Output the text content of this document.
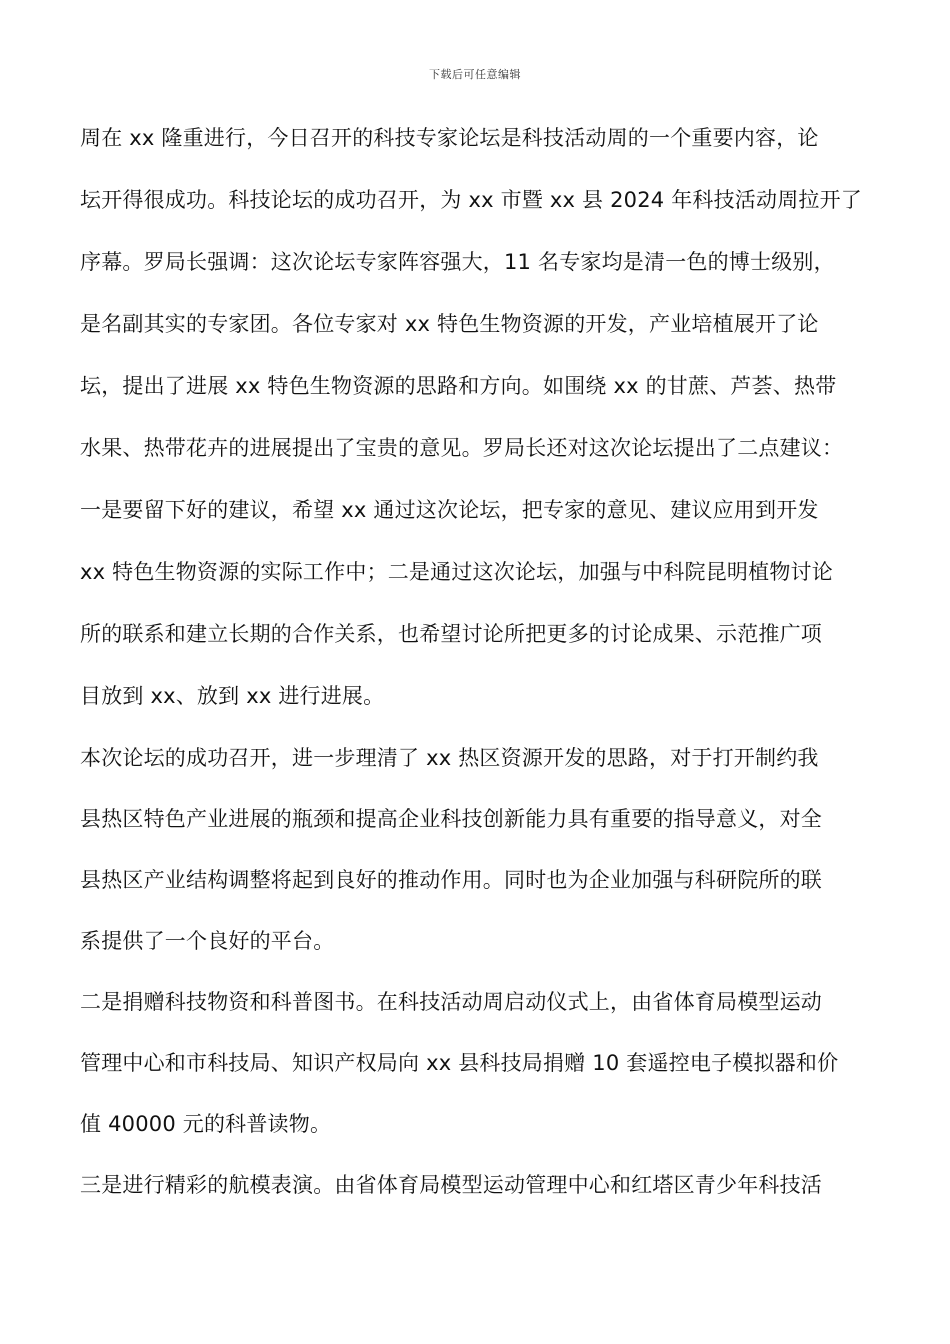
下载后可任意编辑
周在 xx 隆重进行，今日召开的科技专家论坛是科技活动周的一个重要内容，论
坛开得很成功。科技论坛的成功召开，为 xx 市暨 xx 县 2024 年科技活动周拉开了
序幕。罗局长强调：这次论坛专家阵容强大，11 名专家均是清一色的博士级别，
是名副其实的专家团。各位专家对 xx 特色生物资源的开发，产业培植展开了论
坛，提出了进展 xx 特色生物资源的思路和方向。如围绕 xx 的甘蔗、芦荟、热带
水果、热带花卉的进展提出了宝贵的意见。罗局长还对这次论坛提出了二点建议：
一是要留下好的建议，希望 xx 通过这次论坛，把专家的意见、建议应用到开发
xx 特色生物资源的实际工作中；二是通过这次论坛，加强与中科院昆明植物讨论
所的联系和建立长期的合作关系，也希望讨论所把更多的讨论成果、示范推广项
目放到 xx、放到 xx 进行进展。
本次论坛的成功召开，进一步理清了 xx 热区资源开发的思路，对于打开制约我
县热区特色产业进展的瓶颈和提高企业科技创新能力具有重要的指导意义，对全
县热区产业结构调整将起到良好的推动作用。同时也为企业加强与科研院所的联
系提供了一个良好的平台。
二是捐赠科技物资和科普图书。在科技活动周启动仪式上，由省体育局模型运动
管理中心和市科技局、知识产权局向 xx 县科技局捐赠 10 套遥控电子模拟器和价
值 40000 元的科普读物。
三是进行精彩的航模表演。由省体育局模型运动管理中心和红塔区青少年科技活
